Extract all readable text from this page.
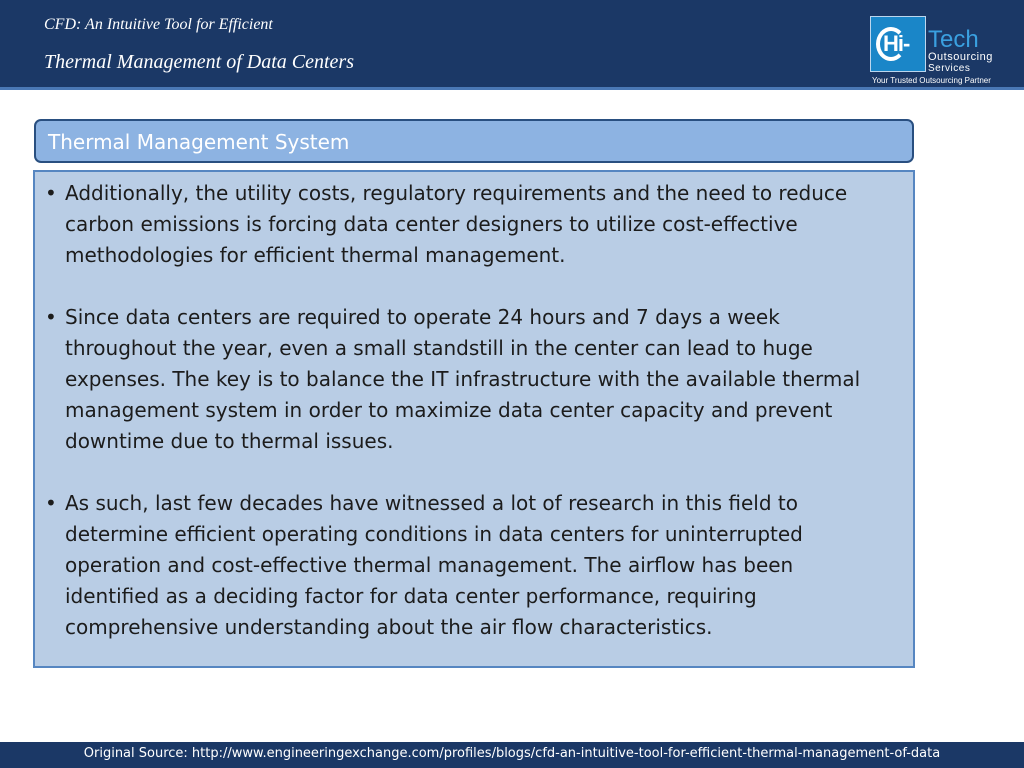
CFD: An Intuitive Tool for Efficient
Thermal Management of Data Centers
Hi- Tech
Outsourcing
Services
Your Trusted Outsourcing Partner
Thermal Management System
• Additionally, the utility costs, regulatory requirements and the need to reduce carbon emissions is forcing data center designers to utilize cost-effective methodologies for efficient thermal management.
• Since data centers are required to operate 24 hours and 7 days a week throughout the year, even a small standstill in the center can lead to huge expenses. The key is to balance the IT infrastructure with the available thermal management system in order to maximize data center capacity and prevent downtime due to thermal issues.
• As such, last few decades have witnessed a lot of research in this field to determine efficient operating conditions in data centers for uninterrupted operation and cost-effective thermal management. The airflow has been identified as a deciding factor for data center performance, requiring comprehensive understanding about the air flow characteristics.
Original Source: http://www.engineeringexchange.com/profiles/blogs/cfd-an-intuitive-tool-for-efficient-thermal-management-of-data
